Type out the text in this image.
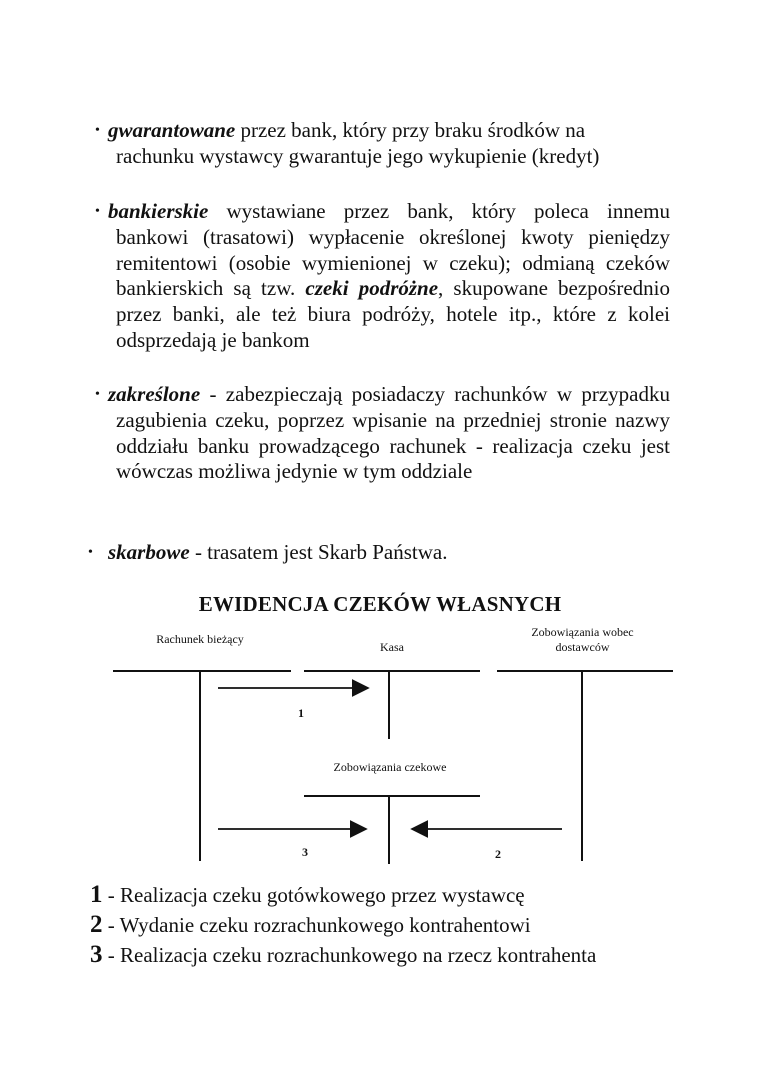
• gwarantowane przez bank, który przy braku środków na
rachunku wystawcy gwarantuje jego wykupienie (kredyt)

• bankierskie wystawiane przez bank, który poleca innemu bankowi (trasatowi) wypłacenie określonej kwoty pieniędzy remitentowi (osobie wymienionej w czeku); odmianą czeków bankierskich są tzw. czeki podróżne, skupowane bezpośrednio przez banki, ale też biura podróży, hotele itp., które z kolei odsprzedają je bankom

• zakreślone - zabezpieczają posiadaczy rachunków w przypadku zagubienia czeku, poprzez wpisanie na przedniej stronie nazwy oddziału banku prowadzącego rachunek - realizacja czeku jest wówczas możliwa jedynie w tym oddziale

• skarbowe - trasatem jest Skarb Państwa.

EWIDENCJA CZEKÓW WŁASNYCH
Rachunek bieżący
Kasa
Zobowiązania wobec dostawców
Zobowiązania czekowe
1
3	2
1 - Realizacja czeku gotówkowego przez wystawcę
2 - Wydanie czeku rozrachunkowego kontrahentowi
3 - Realizacja czeku rozrachunkowego na rzecz kontrahenta
